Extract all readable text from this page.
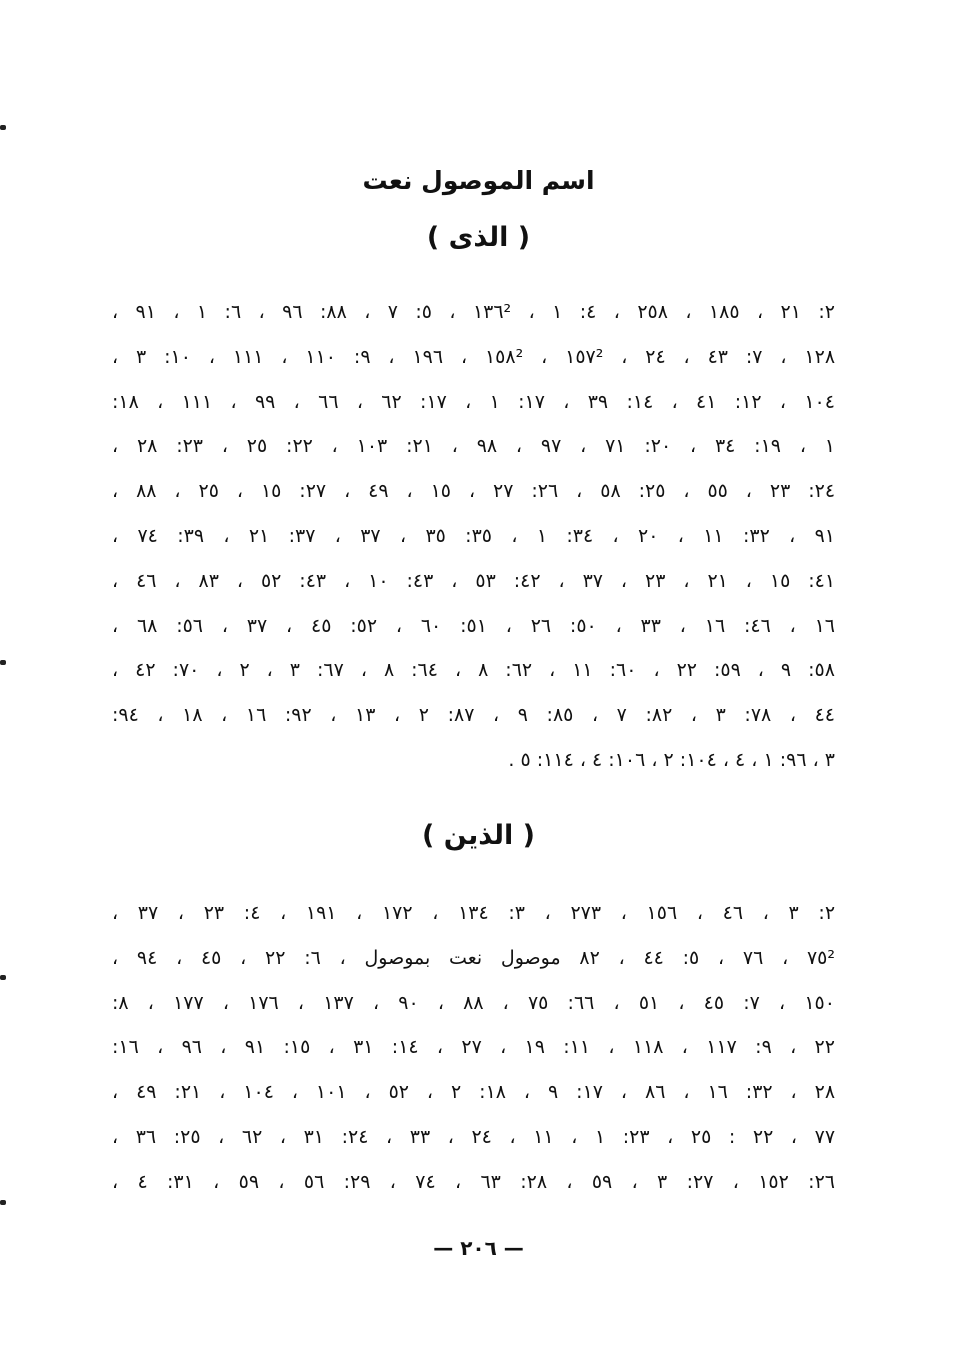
اسم الموصول نعت
( الذى )
٢: ٢١ ، ١٨٥ ، ٢٥٨ ، ٤: ١ ، ١٣٦² ، ٥: ٧ ، ٨٨: ٩٦ ، ٦: ١ ، ٩١ ،
١٢٨ ، ٧: ٤٣ ، ٢٤ ، ١٥٧² ، ١٥٨² ، ١٩٦ ، ٩: ١١٠ ، ١١١ ، ١٠: ٣ ،
١٠٤ ، ١٢: ٤١ ، ١٤: ٣٩ ، ١٧: ١ ، ١٧: ٦٢ ، ٦٦ ، ٩٩ ، ١١١ ، ١٨:
١ ، ١٩: ٣٤ ، ٢٠: ٧١ ، ٩٧ ، ٩٨ ، ٢١: ١٠٣ ، ٢٢: ٢٥ ، ٢٣: ٢٨ ،
٢٤: ٢٣ ، ٥٥ ، ٢٥: ٥٨ ، ٢٦: ٢٧ ، ١٥ ، ٤٩ ، ٢٧: ١٥ ، ٢٥ ، ٨٨ ،
٩١ ، ٣٢: ١١ ، ٢٠ ، ٣٤: ١ ، ٣٥: ٣٥ ، ٣٧ ، ٣٧: ٢١ ، ٣٩: ٧٤ ،
٤١: ١٥ ، ٢١ ، ٢٣ ، ٣٧ ، ٤٢: ٥٣ ، ٤٣: ١٠ ، ٤٣: ٥٢ ، ٨٣ ، ٤٦ ،
١٦ ، ٤٦: ١٦ ، ٣٣ ، ٥٠: ٢٦ ، ٥١: ٦٠ ، ٥٢: ٤٥ ، ٣٧ ، ٥٦: ٦٨ ،
٥٨: ٩ ، ٥٩: ٢٢ ، ٦٠: ١١ ، ٦٢: ٨ ، ٦٤: ٨ ، ٦٧: ٣ ، ٢ ، ٧٠: ٤٢ ،
٤٤ ، ٧٨: ٣ ، ٨٢: ٧ ، ٨٥: ٩ ، ٨٧: ٢ ، ١٣ ، ٩٢: ١٦ ، ١٨ ، ٩٤:
٣ ، ٩٦: ١ ، ٤ ، ١٠٤: ٢ ، ١٠٦: ٤ ، ١١٤: ٥ .
( الذين )
٢: ٣ ، ٤٦ ، ١٥٦ ، ٢٧٣ ، ٣: ١٣٤ ، ١٧٢ ، ١٩١ ، ٤: ٢٣ ، ٣٧ ،
٧٥² ، ٧٦ ، ٥: ٤٤ ، ٨٢ موصول نعت بموصول ، ٦: ٢٢ ، ٤٥ ، ٩٤ ،
١٥٠ ، ٧: ٤٥ ، ٥١ ، ٦٦: ٧٥ ، ٨٨ ، ٩٠ ، ١٣٧ ، ١٧٦ ، ١٧٧ ، ٨:
٢٢ ، ٩: ١١٧ ، ١١٨ ، ١١: ١٩ ، ٢٧ ، ١٤: ٣١ ، ١٥: ٩١ ، ٩٦ ، ١٦:
٢٨ ، ٣٢: ١٦ ، ٨٦ ، ١٧: ٩ ، ١٨: ٢ ، ٥٢ ، ١٠١ ، ١٠٤ ، ٢١: ٤٩ ،
٧٧ ، ٢٢ : ٢٥ ، ٢٣: ١ ، ١١ ، ٢٤ ، ٣٣ ، ٢٤: ٣١ ، ٦٢ ، ٢٥: ٣٦ ،
٢٦: ١٥٢ ، ٢٧: ٣ ، ٥٩ ، ٢٨: ٦٣ ، ٧٤ ، ٢٩: ٥٦ ، ٥٩ ، ٣١: ٤ ،
— ٢٠٦ —
